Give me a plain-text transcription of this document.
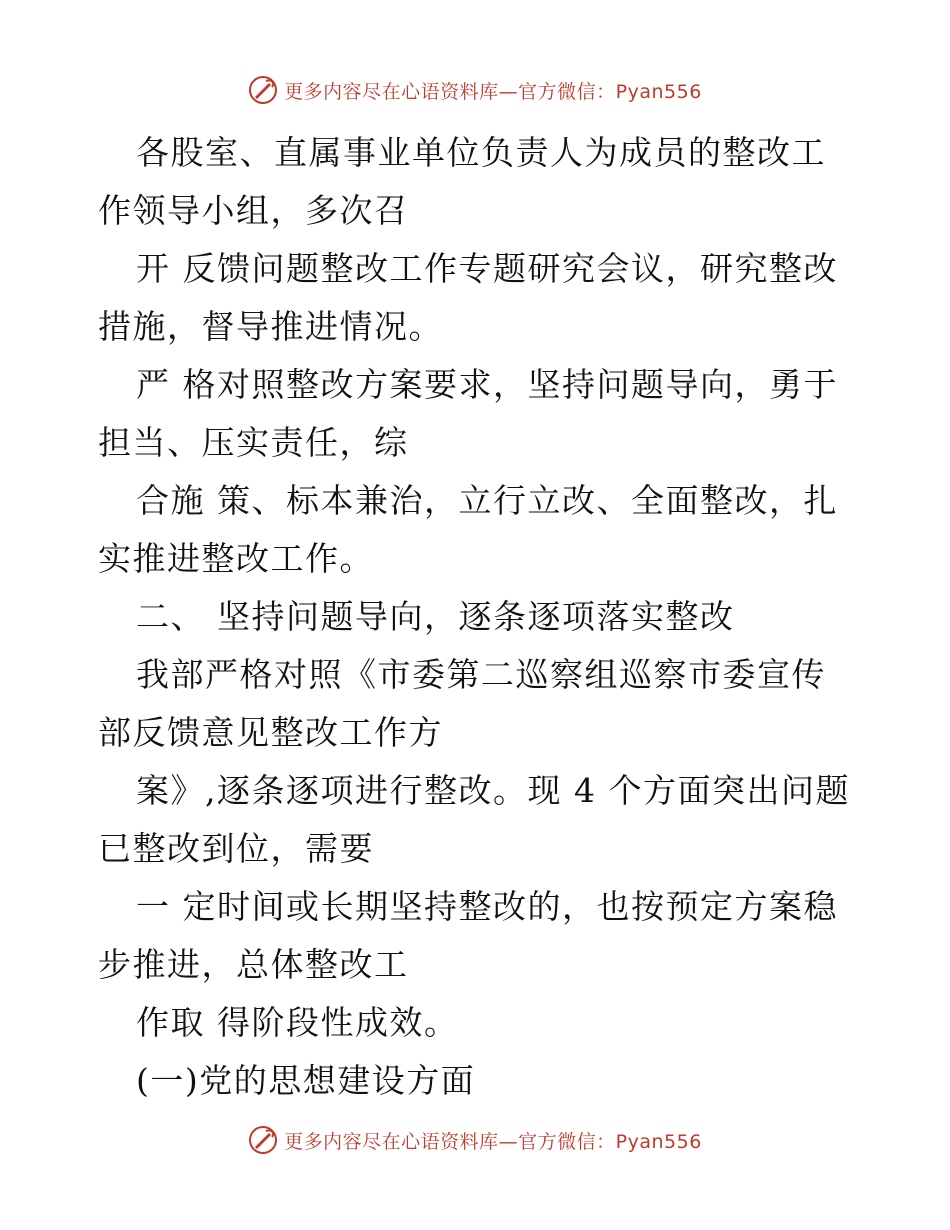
更多内容尽在心语资料库—官方微信：Pyan556

各股室、直属事业单位负责人为成员的整改工作领导小组，多次召

开 反馈问题整改工作专题研究会议，研究整改措施，督导推进情况。

严 格对照整改方案要求，坚持问题导向，勇于担当、压实责任，综

合施 策、标本兼治，立行立改、全面整改，扎实推进整改工作。

二、 坚持问题导向，逐条逐项落实整改

我部严格对照《市委第二巡察组巡察市委宣传部反馈意见整改工作方

案》,逐条逐项进行整改。现 4 个方面突出问题已整改到位，需要

一 定时间或长期坚持整改的，也按预定方案稳步推进，总体整改工

作取 得阶段性成效。

(一)党的思想建设方面

更多内容尽在心语资料库—官方微信：Pyan556
